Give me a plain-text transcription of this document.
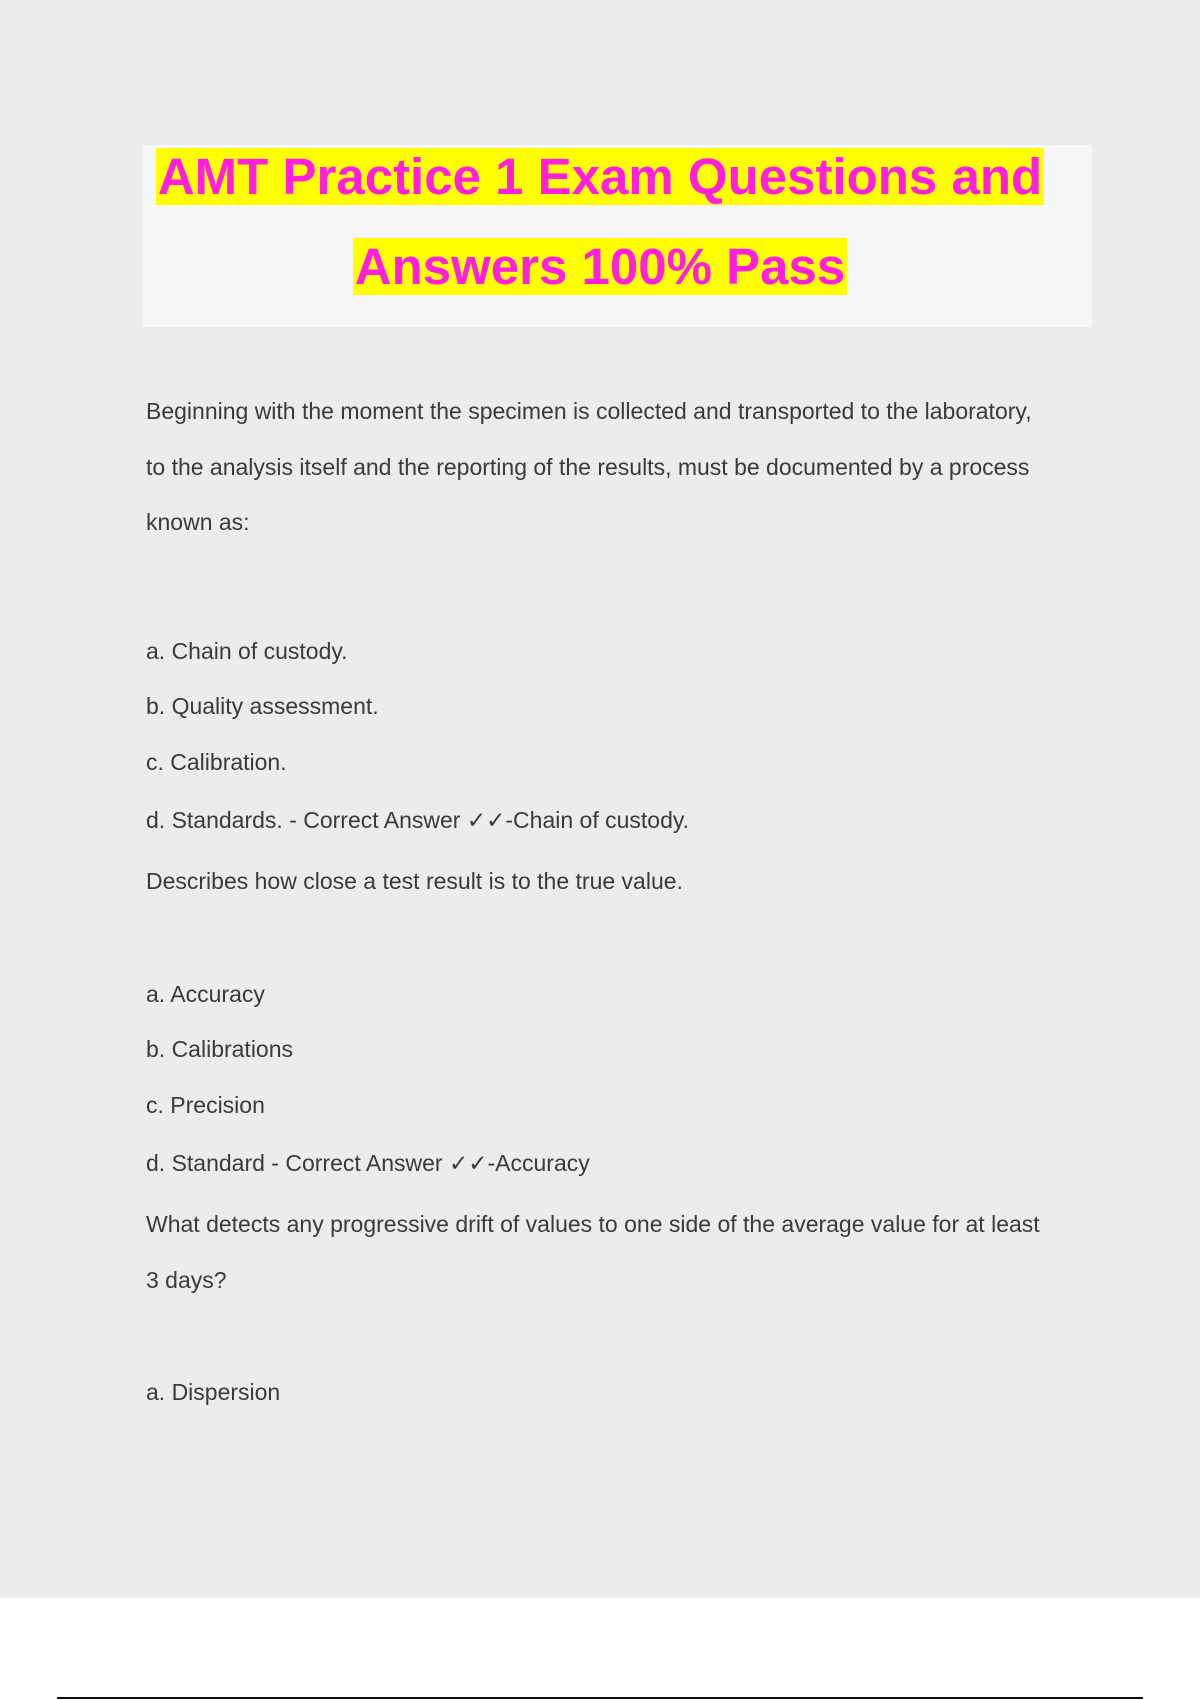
AMT Practice 1 Exam Questions and
Answers 100% Pass
Beginning with the moment the specimen is collected and transported to the laboratory,
to the analysis itself and the reporting of the results, must be documented by a process
known as:
a. Chain of custody.
b. Quality assessment.
c. Calibration.
d. Standards. - Correct Answer ✓✓-Chain of custody.
Describes how close a test result is to the true value.
a. Accuracy
b. Calibrations
c. Precision
d. Standard - Correct Answer ✓✓-Accuracy
What detects any progressive drift of values to one side of the average value for at least
3 days?
a. Dispersion
